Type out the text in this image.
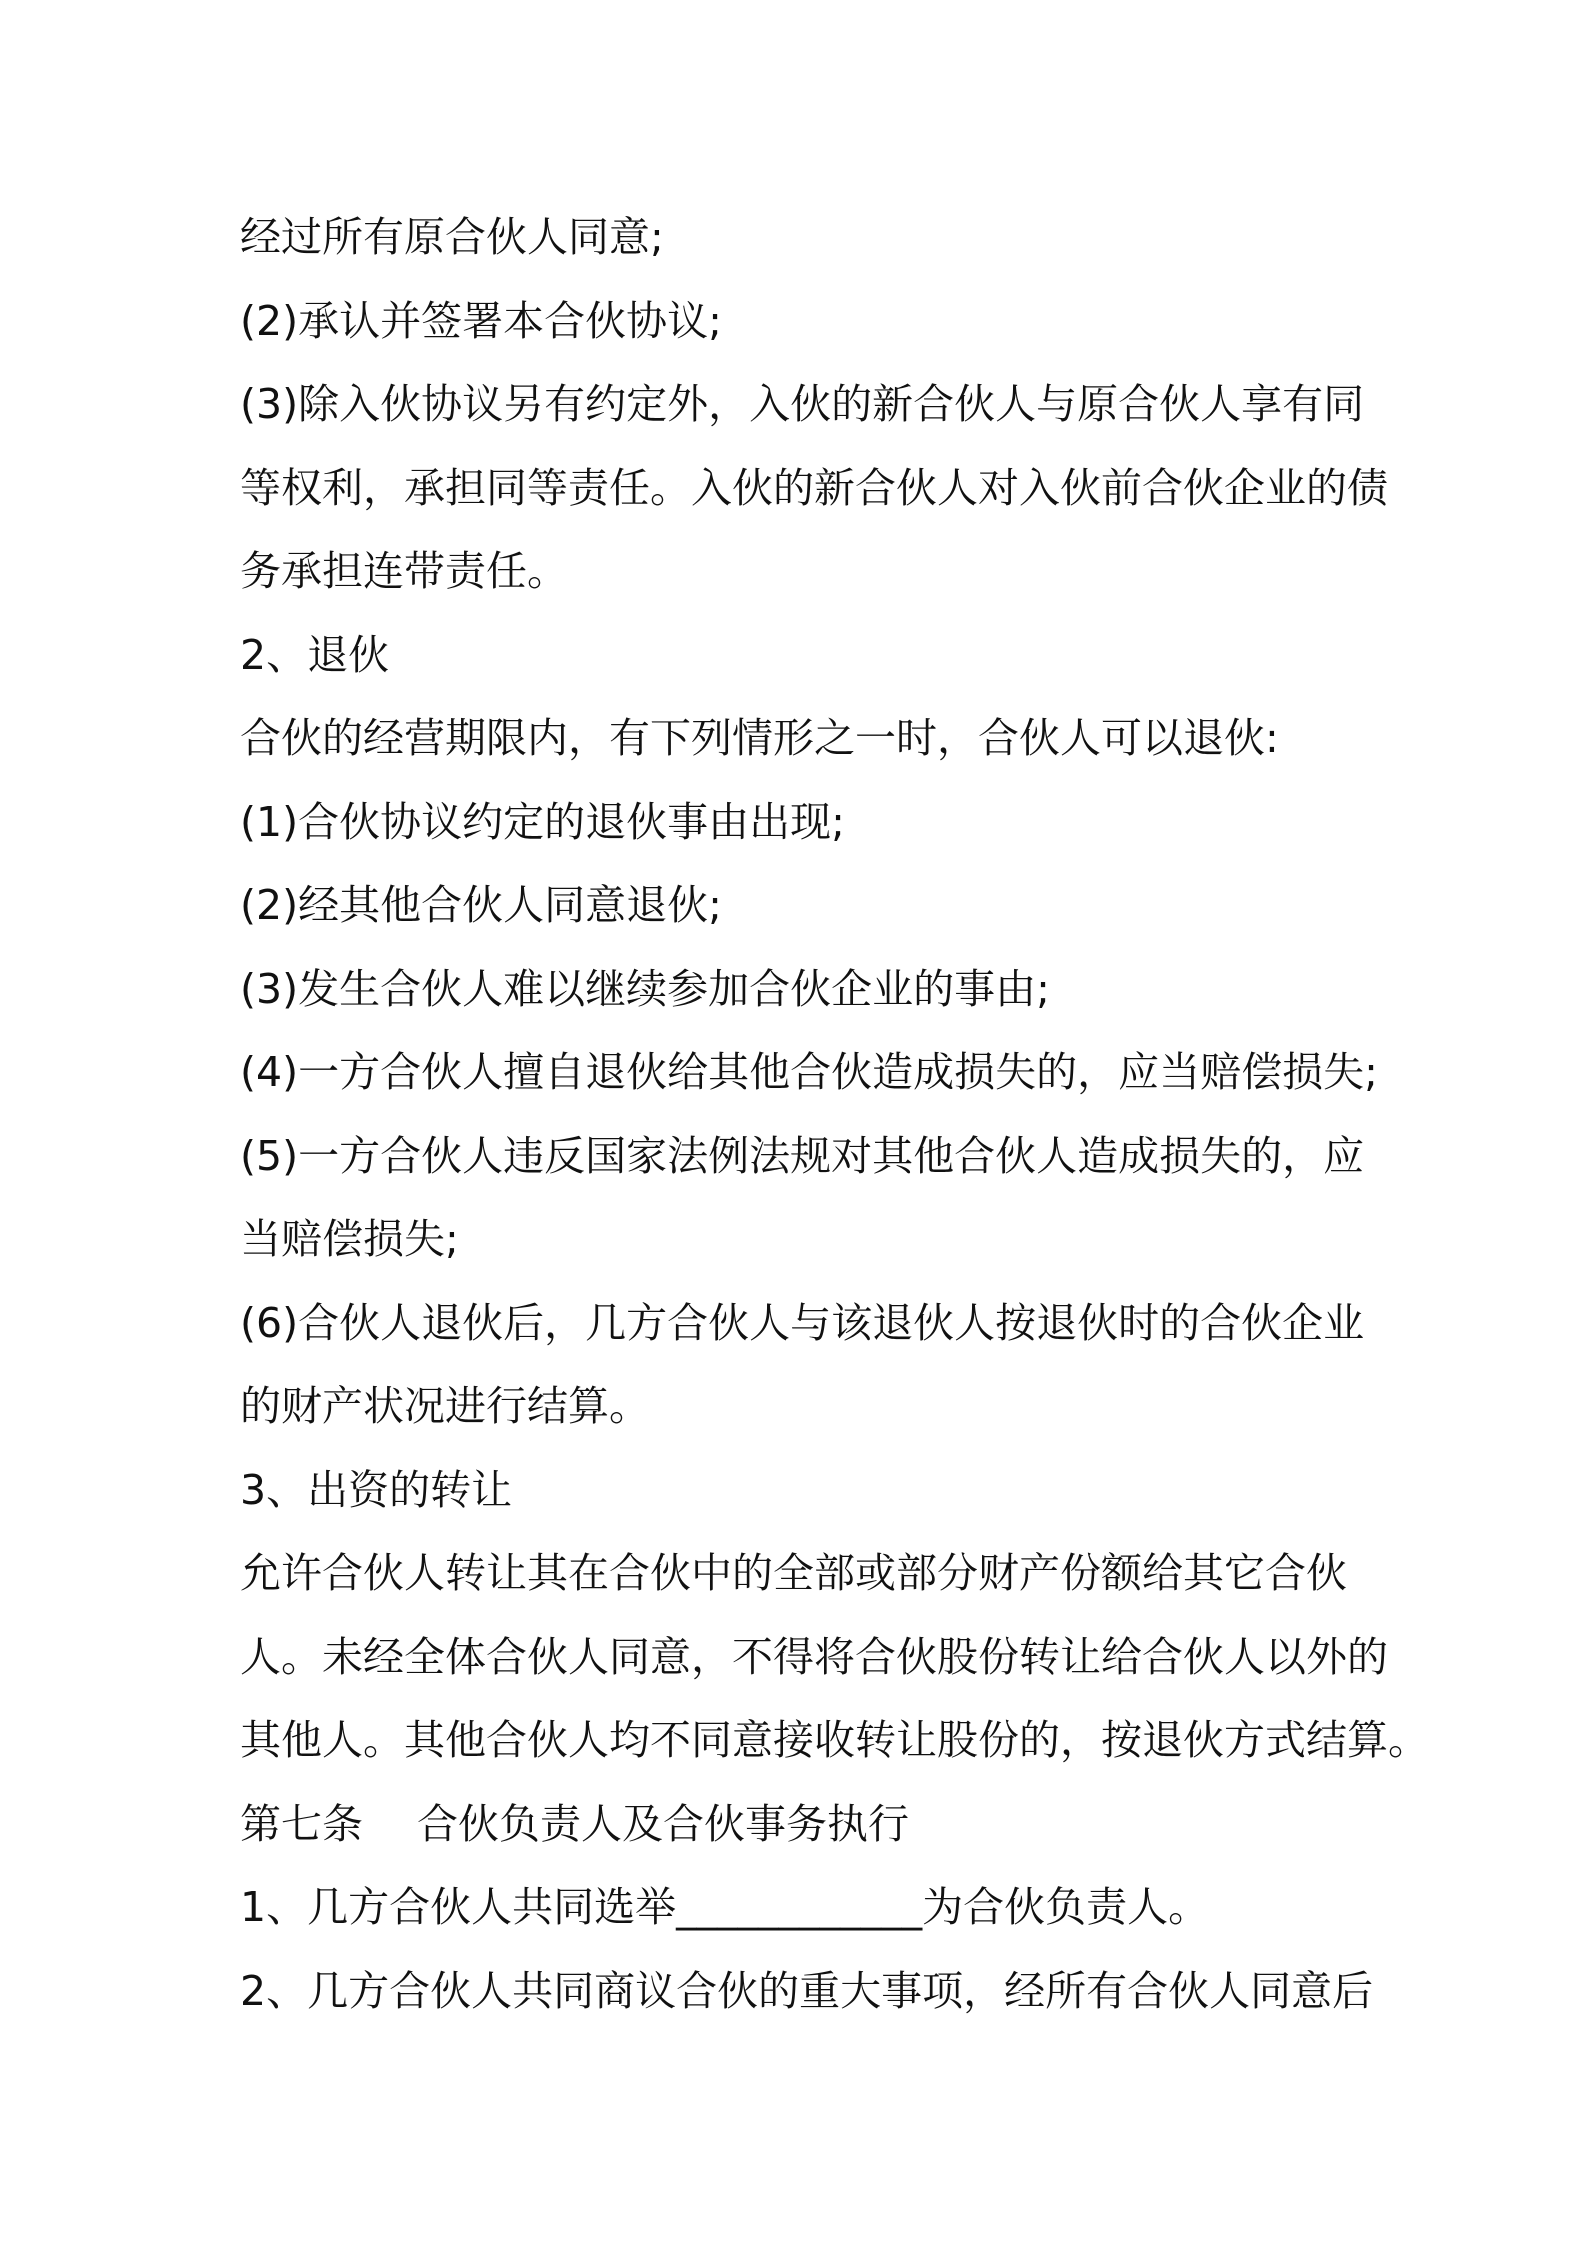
经过所有原合伙人同意;
(2)承认并签署本合伙协议;
(3)除入伙协议另有约定外，入伙的新合伙人与原合伙人享有同
等权利，承担同等责任。入伙的新合伙人对入伙前合伙企业的债
务承担连带责任。
2、退伙
合伙的经营期限内，有下列情形之一时，合伙人可以退伙:
(1)合伙协议约定的退伙事由出现;
(2)经其他合伙人同意退伙;
(3)发生合伙人难以继续参加合伙企业的事由;
(4)一方合伙人擅自退伙给其他合伙造成损失的，应当赔偿损失;
(5)一方合伙人违反国家法例法规对其他合伙人造成损失的，应
当赔偿损失;
(6)合伙人退伙后，几方合伙人与该退伙人按退伙时的合伙企业
的财产状况进行结算。
3、出资的转让
允许合伙人转让其在合伙中的全部或部分财产份额给其它合伙
人。未经全体合伙人同意，不得将合伙股份转让给合伙人以外的
其他人。其他合伙人均不同意接收转让股份的，按退伙方式结算。
第七条　 合伙负责人及合伙事务执行
1、几方合伙人共同选举____________为合伙负责人。
2、几方合伙人共同商议合伙的重大事项，经所有合伙人同意后
